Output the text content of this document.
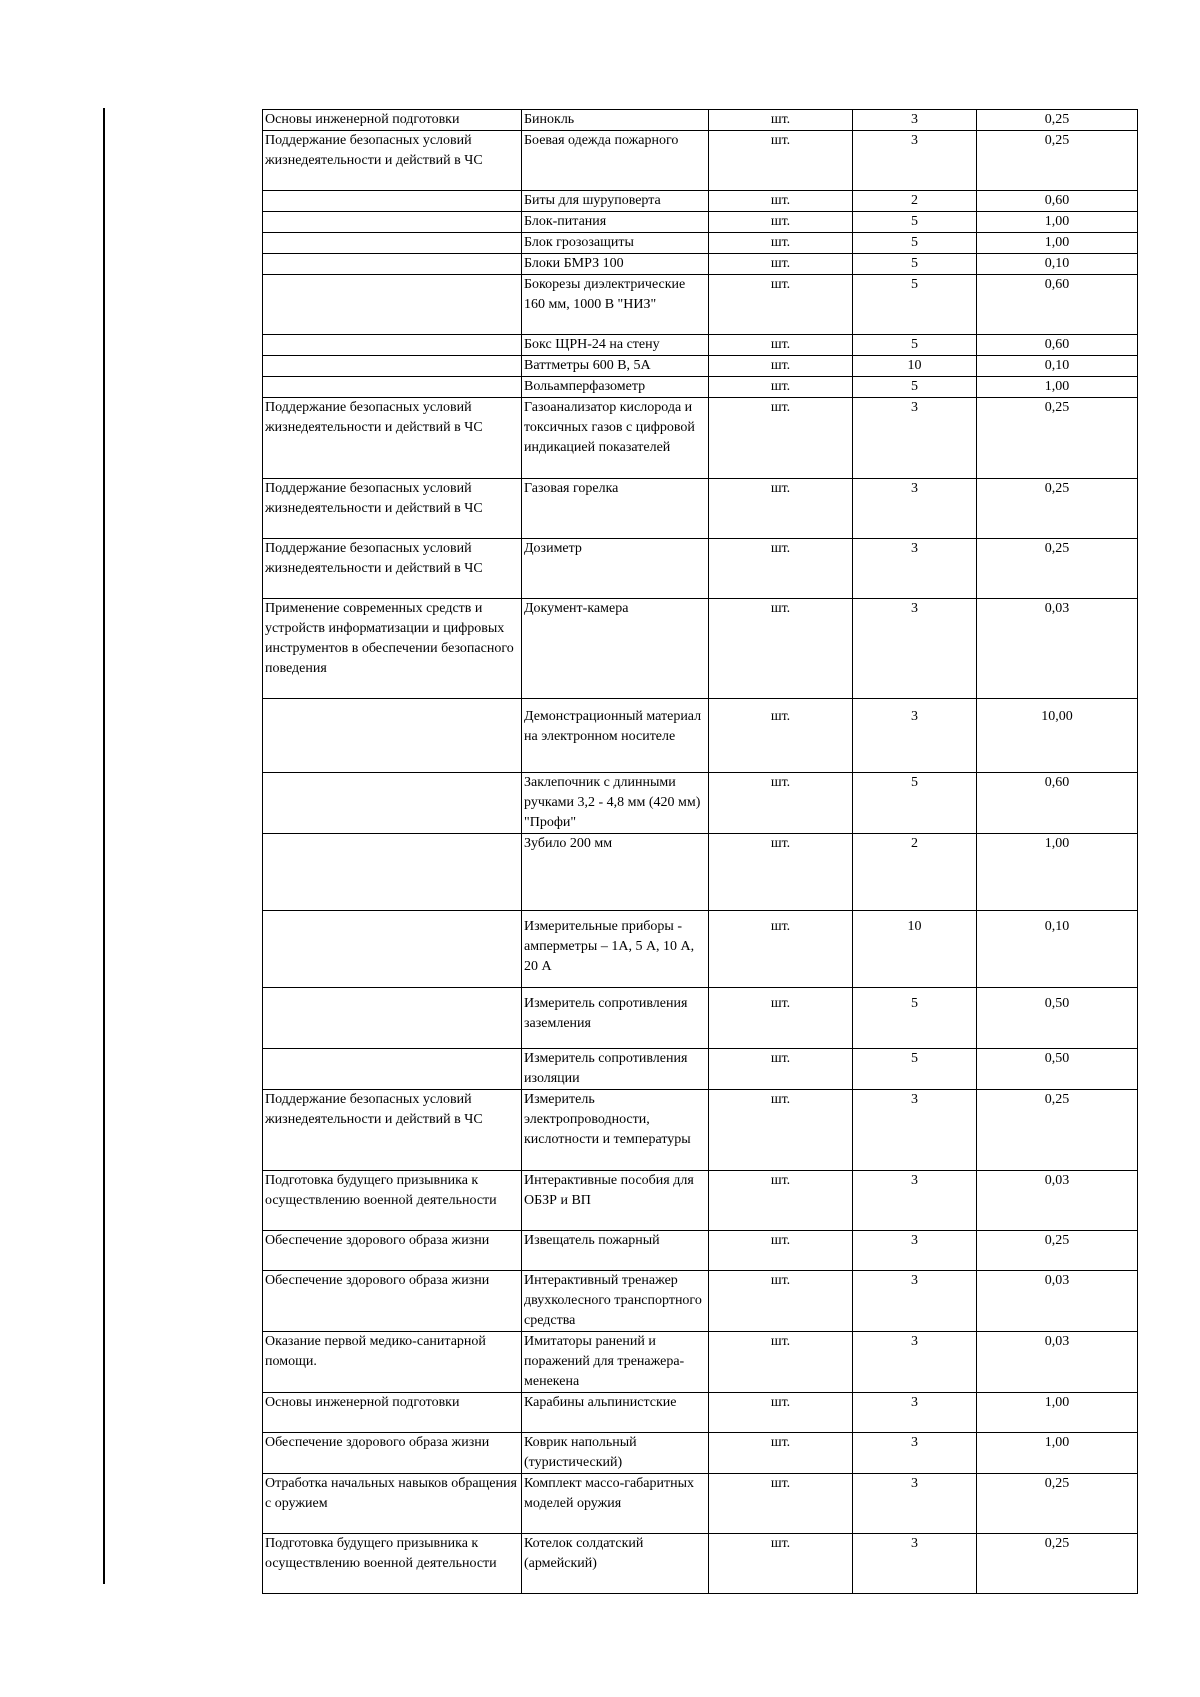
Основы инженерной подготовки	Бинокль	шт.	3	0,25
Поддержание безопасных условий жизнедеятельности и действий в ЧС	Боевая одежда пожарного	шт.	3	0,25
	Биты для шуруповерта	шт.	2	0,60
	Блок-питания	шт.	5	1,00
	Блок грозозащиты	шт.	5	1,00
	Блоки БМРЗ 100	шт.	5	0,10
	Бокорезы диэлектрические 160 мм, 1000 В "НИЗ"	шт.	5	0,60
	Бокс ЩРН-24 на стену	шт.	5	0,60
	Ваттметры 600 В, 5А	шт.	10	0,10
	Вольамперфазометр	шт.	5	1,00
Поддержание безопасных условий жизнедеятельности и действий в ЧС	Газоанализатор кислорода и токсичных газов с цифровой индикацией показателей	шт.	3	0,25
Поддержание безопасных условий жизнедеятельности и действий в ЧС	Газовая горелка	шт.	3	0,25
Поддержание безопасных условий жизнедеятельности и действий в ЧС	Дозиметр	шт.	3	0,25
Применение современных средств и устройств информатизации и цифровых инструментов в обеспечении безопасного поведения	Документ-камера	шт.	3	0,03
	Демонстрационный материал на электронном носителе	шт.	3	10,00
	Заклепочник с длинными ручками 3,2 - 4,8 мм (420 мм) "Профи"	шт.	5	0,60
	Зубило 200 мм	шт.	2	1,00
	Измерительные приборы - амперметры – 1А, 5 А, 10 А, 20 А	шт.	10	0,10
	Измеритель сопротивления заземления	шт.	5	0,50
	Измеритель сопротивления изоляции	шт.	5	0,50
Поддержание безопасных условий жизнедеятельности и действий в ЧС	Измеритель электропроводности, кислотности и температуры	шт.	3	0,25
Подготовка будущего призывника к осуществлению военной деятельности	Интерактивные пособия для ОБЗР и ВП	шт.	3	0,03
Обеспечение здорового образа жизни	Извещатель пожарный	шт.	3	0,25
Обеспечение здорового образа жизни	Интерактивный тренажер двухколесного транспортного средства	шт.	3	0,03
Оказание первой медико-санитарной помощи.	Имитаторы ранений и поражений для тренажера-менекена	шт.	3	0,03
Основы инженерной подготовки	Карабины альпинистские	шт.	3	1,00
Обеспечение здорового образа жизни	Коврик напольный (туристический)	шт.	3	1,00
Отработка начальных навыков обращения с оружием	Комплект массо-габаритных моделей оружия	шт.	3	0,25
Подготовка будущего призывника к осуществлению военной деятельности	Котелок солдатский (армейский)	шт.	3	0,25
